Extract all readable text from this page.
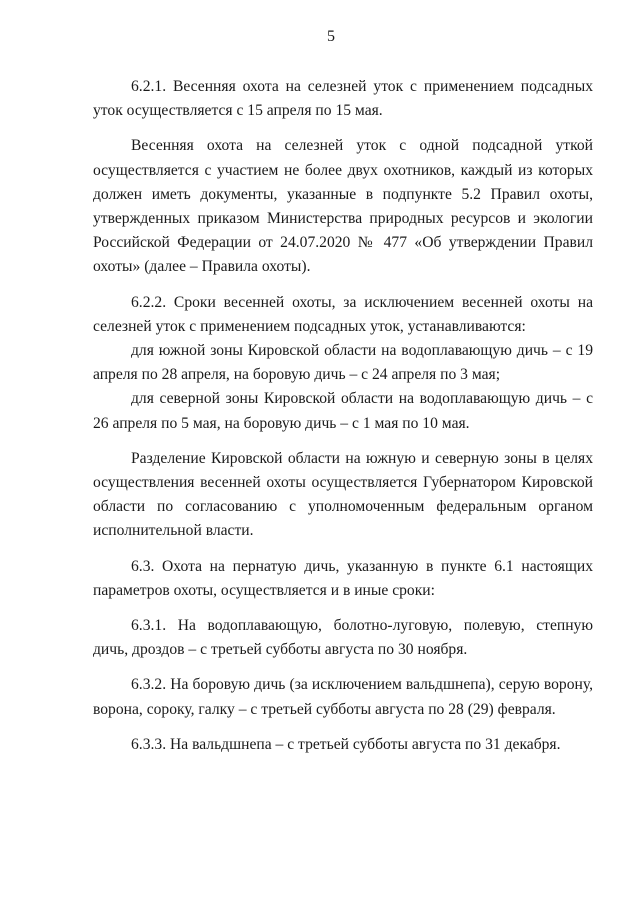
5

6.2.1. Весенняя охота на селезней уток с применением подсадных уток осуществляется с 15 апреля по 15 мая.

Весенняя охота на селезней уток с одной подсадной уткой осуществляется с участием не более двух охотников, каждый из которых должен иметь документы, указанные в подпункте 5.2 Правил охоты, утвержденных приказом Министерства природных ресурсов и экологии Российской Федерации от 24.07.2020 № 477 «Об утверждении Правил охоты» (далее – Правила охоты).

6.2.2. Сроки весенней охоты, за исключением весенней охоты на селезней уток с применением подсадных уток, устанавливаются:

для южной зоны Кировской области на водоплавающую дичь – с 19 апреля по 28 апреля, на боровую дичь – с 24 апреля по 3 мая;

для северной зоны Кировской области на водоплавающую дичь – с 26 апреля по 5 мая, на боровую дичь – с 1 мая по 10 мая.

Разделение Кировской области на южную и северную зоны в целях осуществления весенней охоты осуществляется Губернатором Кировской области по согласованию с уполномоченным федеральным органом исполнительной власти.

6.3. Охота на пернатую дичь, указанную в пункте 6.1 настоящих параметров охоты, осуществляется и в иные сроки:

6.3.1. На водоплавающую, болотно-луговую, полевую, степную дичь, дроздов – с третьей субботы августа по 30 ноября.

6.3.2. На боровую дичь (за исключением вальдшнепа), серую ворону, ворона, сороку, галку – с третьей субботы августа по 28 (29) февраля.

6.3.3. На вальдшнепа – с третьей субботы августа по 31 декабря.
